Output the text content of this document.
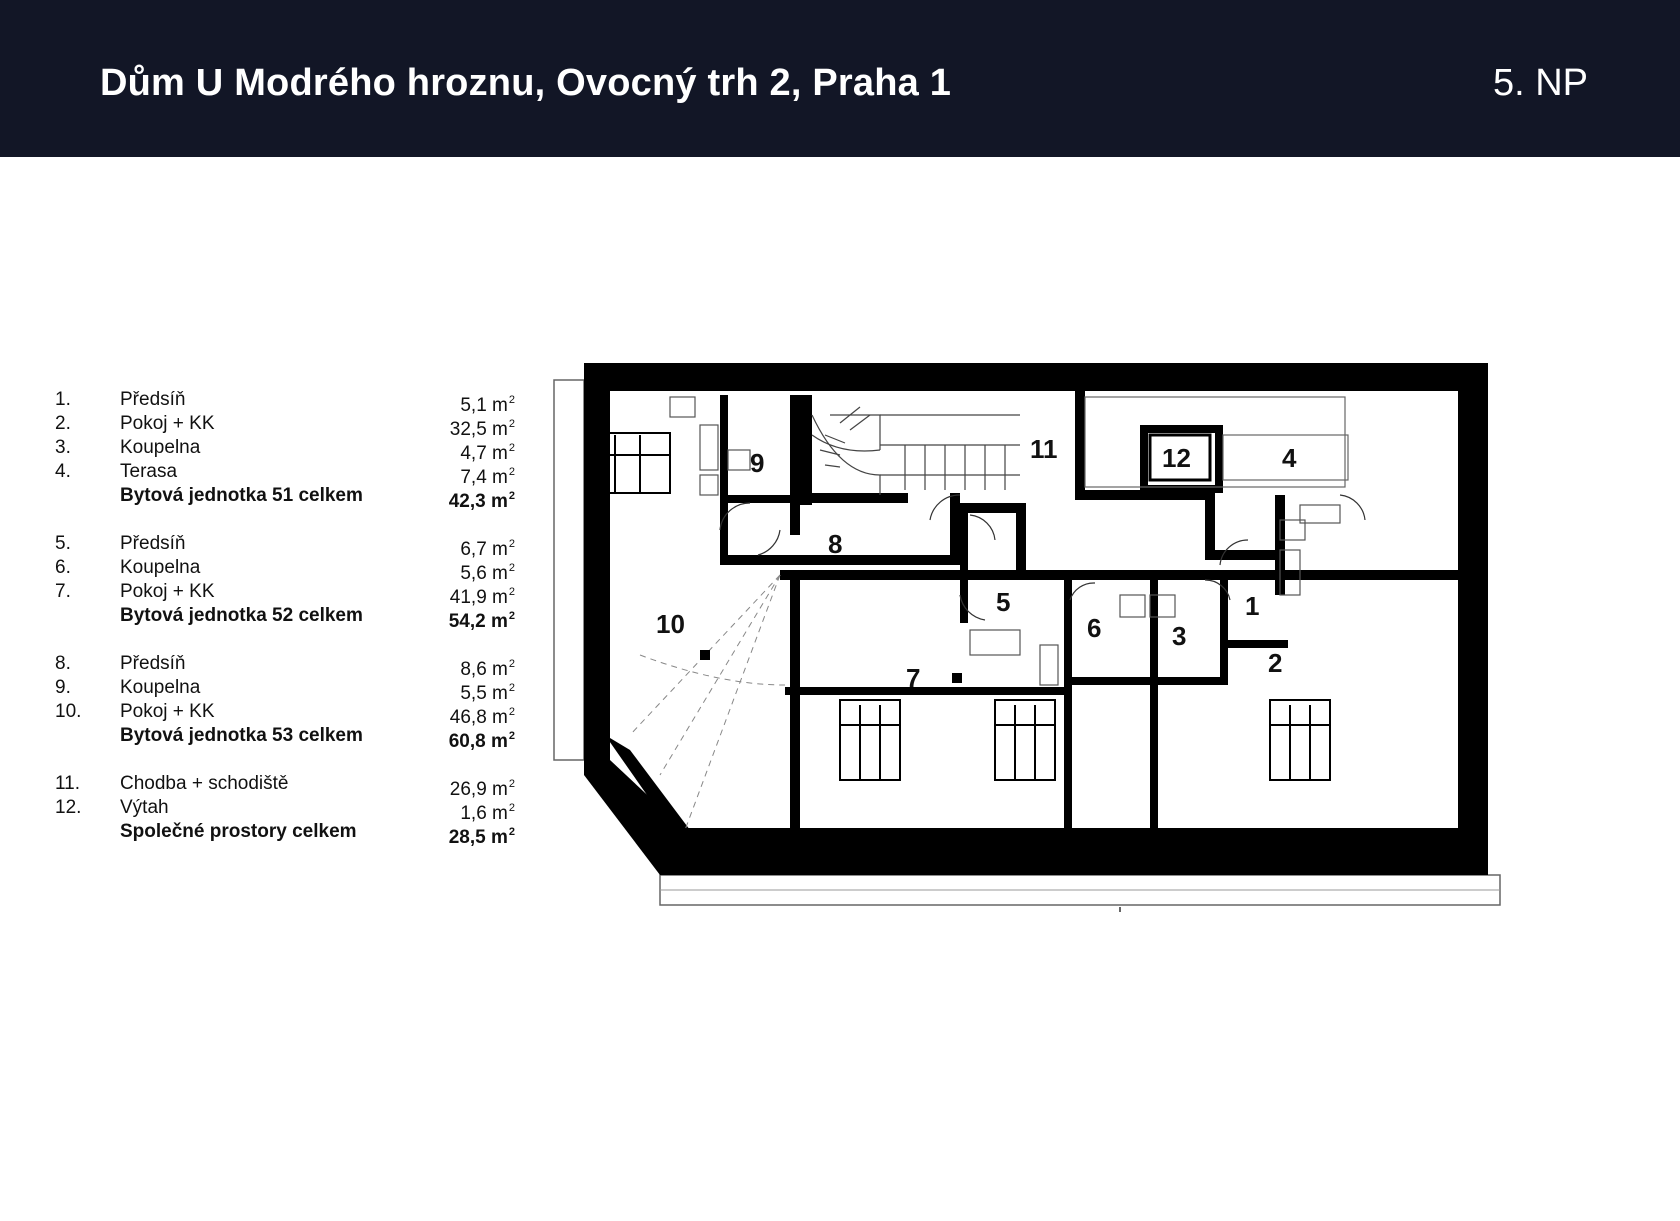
Dům U Modrého hroznu, Ovocný trh 2, Praha 1	5. NP
1.	Předsíň	5,1 $m^2$
2.	Pokoj + KK	32,5 $m^2$
3.	Koupelna	4,7 $m^2$
4.	Terasa	7,4 $m^2$
Bytová jednotka 51 celkem	42,3 $m^2$
5.	Předsíň	6,7 $m^2$
6.	Koupelna	5,6 $m^2$
7.	Pokoj + KK	41,9 $m^2$
Bytová jednotka 52 celkem	54,2 $m^2$
8.	Předsíň	8,6 $m^2$
9.	Koupelna	5,5 $m^2$
10. Pokoj + KK	46,8 $m^2$
Bytová jednotka 53 celkem	60,8 $m^2$
11. Chodba + schodiště	26,9 $m^2$
12. Výtah	1,6 $m^2$
Společné prostory celkem	28,5 $m^2$
1
2
3
4
5
6
7
8
9
10
11	12
